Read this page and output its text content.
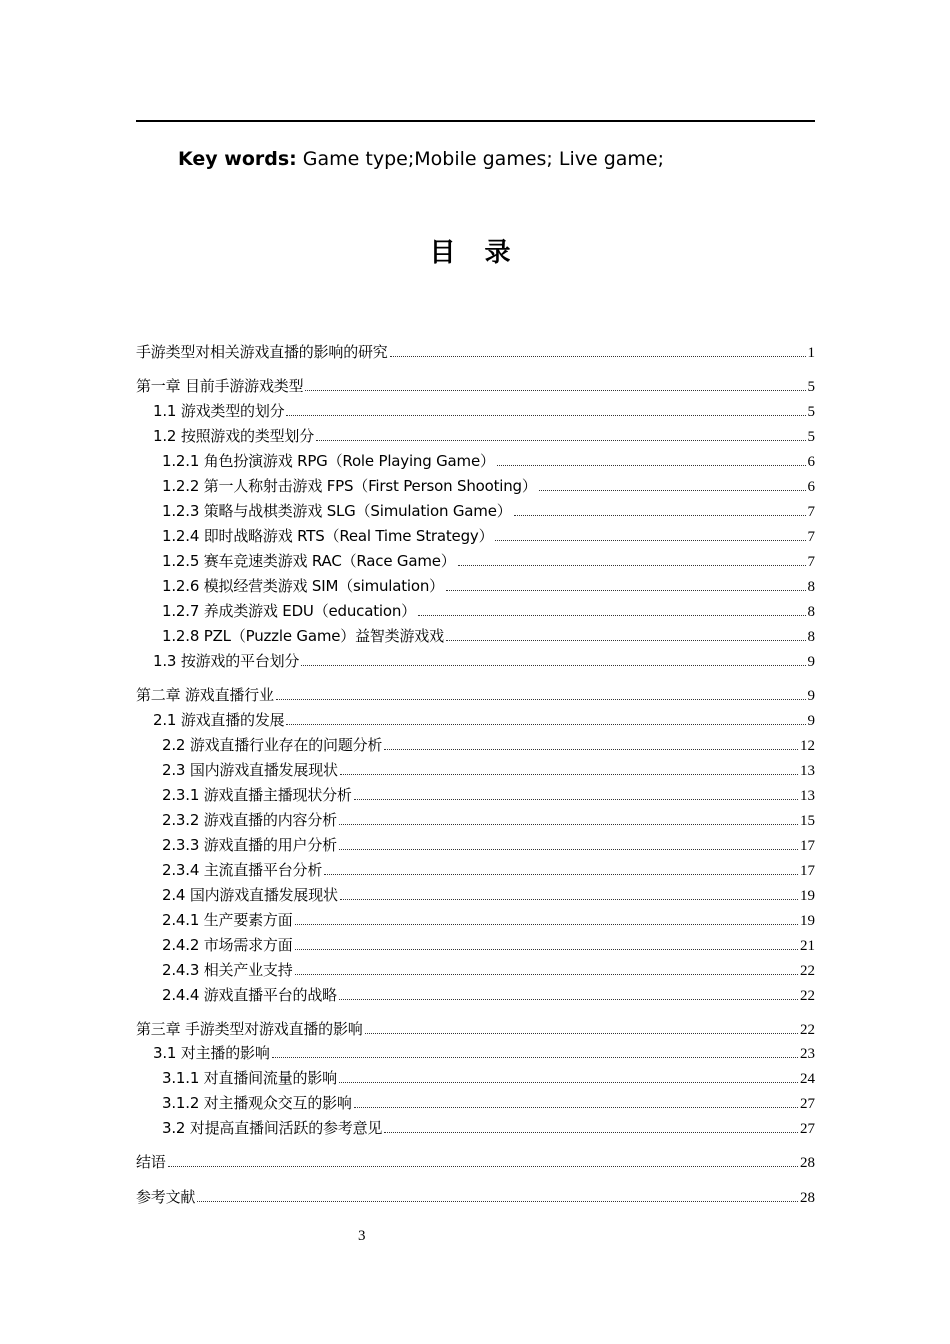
Key words: Game type;Mobile games; Live game;
目 录
手游类型对相关游戏直播的影响的研究	1
第一章 目前手游游戏类型	5
1.1 游戏类型的划分	5
1.2 按照游戏的类型划分	5
1.2.1 角色扮演游戏 RPG（Role Playing Game）	6
1.2.2 第一人称射击游戏 FPS（First Person Shooting）	6
1.2.3 策略与战棋类游戏 SLG（Simulation Game）	7
1.2.4 即时战略游戏 RTS（Real Time Strategy）	7
1.2.5 赛车竞速类游戏 RAC（Race Game）	7
1.2.6 模拟经营类游戏 SIM（simulation）	8
1.2.7 养成类游戏 EDU（education）	8
1.2.8 PZL（Puzzle Game）益智类游戏戏	8
1.3 按游戏的平台划分	9
第二章 游戏直播行业	9
2.1 游戏直播的发展	9
2.2 游戏直播行业存在的问题分析	12
2.3 国内游戏直播发展现状	13
2.3.1 游戏直播主播现状分析	13
2.3.2 游戏直播的内容分析	15
2.3.3 游戏直播的用户分析	17
2.3.4 主流直播平台分析	17
2.4 国内游戏直播发展现状	19
2.4.1 生产要素方面	19
2.4.2 市场需求方面	21
2.4.3 相关产业支持	22
2.4.4 游戏直播平台的战略	22
第三章 手游类型对游戏直播的影响	22
3.1 对主播的影响	23
3.1.1 对直播间流量的影响	24
3.1.2 对主播观众交互的影响	27
3.2 对提高直播间活跃的参考意见	27
结语	28
参考文献	28
3
